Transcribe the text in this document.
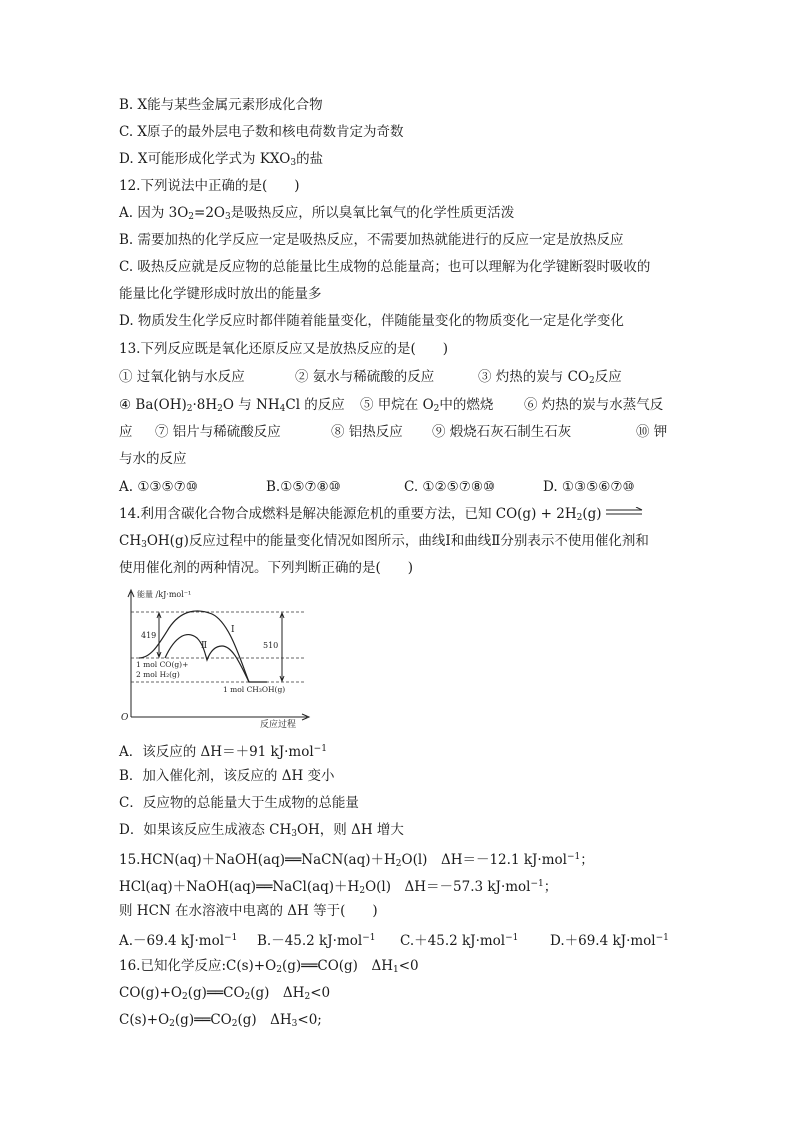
B. X能与某些金属元素形成化合物
C. X原子的最外层电子数和核电荷数肯定为奇数
D. X可能形成化学式为 $KXO_3$的盐
12.下列说法中正确的是(　　)
A. 因为 $3O_2=2O_3$是吸热反应，所以臭氧比氧气的化学性质更活泼
B. 需要加热的化学反应一定是吸热反应，不需要加热就能进行的反应一定是放热反应
C. 吸热反应就是反应物的总能量比生成物的总能量高；也可以理解为化学键断裂时吸收的
能量比化学键形成时放出的能量多
D. 物质发生化学反应时都伴随着能量变化，伴随能量变化的物质变化一定是化学变化
13.下列反应既是氧化还原反应又是放热反应的是(　　)
① 过氧化钠与水反应	② 氨水与稀硫酸的反应	③ 灼热的炭与 $CO_2$反应
④ $Ba(OH)_2\cdot 8H_2O$ 与 $NH_4Cl$ 的反应 ⑤ 甲烷在 $O_2$中的燃烧 ⑥ 灼热的炭与水蒸气反
应 ⑦ 铝片与稀硫酸反应	⑧ 铝热反应 ⑨ 煅烧石灰石制生石灰	⑩ 钾
与水的反应
A. ①③⑤⑦⑩	B.①⑤⑦⑧⑩	C. ①②⑤⑦⑧⑩	D. ①③⑤⑥⑦⑩
14.利用含碳化合物合成燃料是解决能源危机的重要方法，已知 $CO(g) + 2H_2(g)$
$CH_3OH(g)$反应过程中的能量变化情况如图所示，曲线Ⅰ和曲线Ⅱ分别表示不使用催化剂和
使用催化剂的两种情况。下列判断正确的是(　　)
能量 /kJ·mol⁻¹
O
反应过程
419
510
Ⅰ
Ⅱ
1 mol CO(g)+
2 mol H₂(g)
1 mol CH₃OH(g)
A．该反应的 ΔH＝＋91 kJ·mol$^{-1}$
B．加入催化剂，该反应的 ΔH 变小
C．反应物的总能量大于生成物的总能量
D．如果该反应生成液态 $CH_3OH$，则 ΔH 增大
$15.HCN(aq)+NaOH(aq)══NaCN(aq)+H_2O(l)$　ΔH＝－12.1 kJ·mol$^{-1}$；
$HCl(aq)+NaOH(aq)══NaCl(aq)+H_2O(l)$　ΔH＝－57.3 kJ·mol$^{-1}$；
则 HCN 在水溶液中电离的 ΔH 等于(　　)
A.－69.4 kJ·mol$^{-1}$ B.－45.2 kJ·mol$^{-1}$ C.＋45.2 kJ·mol$^{-1}$ D.＋69.4 kJ·mol$^{-1}$
16.已知化学反应$:C(s)+O_2(g)══CO(g)$　$\Delta H_1<0$
$CO(g)+O_2(g)══CO_2(g)$　$\Delta H_2<0$
$C(s)+O_2(g)══CO_2(g)$　$\Delta H_3<0$;
